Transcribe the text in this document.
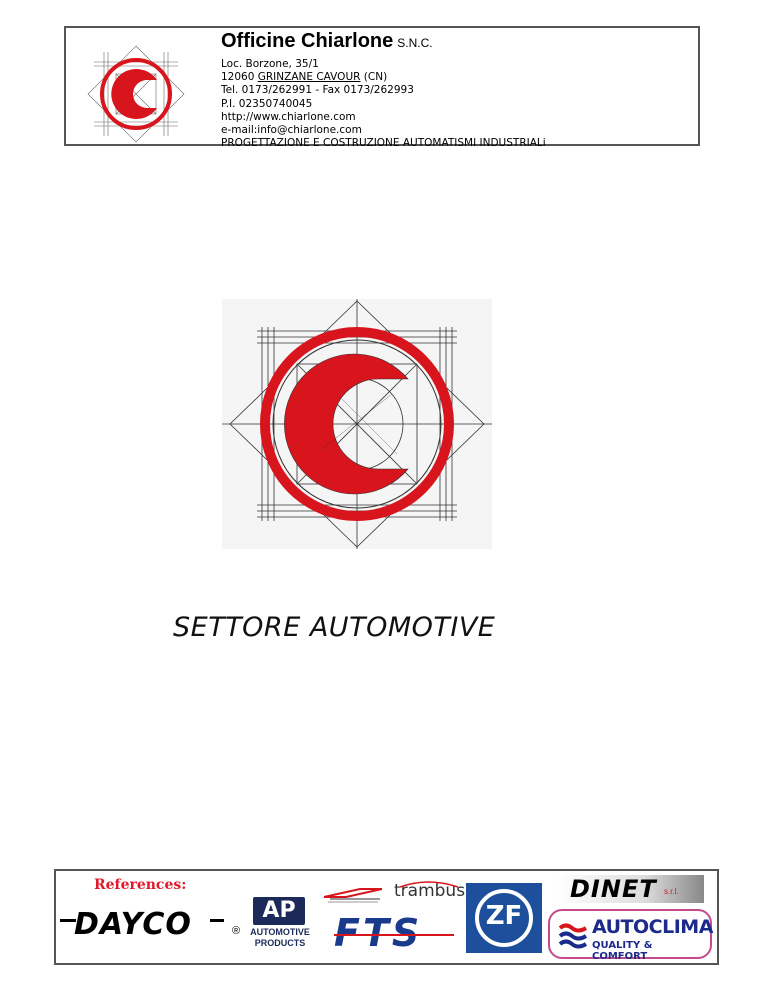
Officine Chiarlone S.N.C.
Loc. Borzone, 35/1
12060 GRINZANE CAVOUR (CN)
Tel. 0173/262991 - Fax 0173/262993
P.I. 02350740045
http://www.chiarlone.com
e-mail:info@chiarlone.com
PROGETTAZIONE E COSTRUZIONE AUTOMATISMI INDUSTRIALi
SETTORE AUTOMOTIVE
References:
DAYCO	®
AP
AUTOMOTIVE
PRODUCTS
trambus
FTS	ZF
DINET s.r.l.
AUTOCLIMA
QUALITY & COMFORT
